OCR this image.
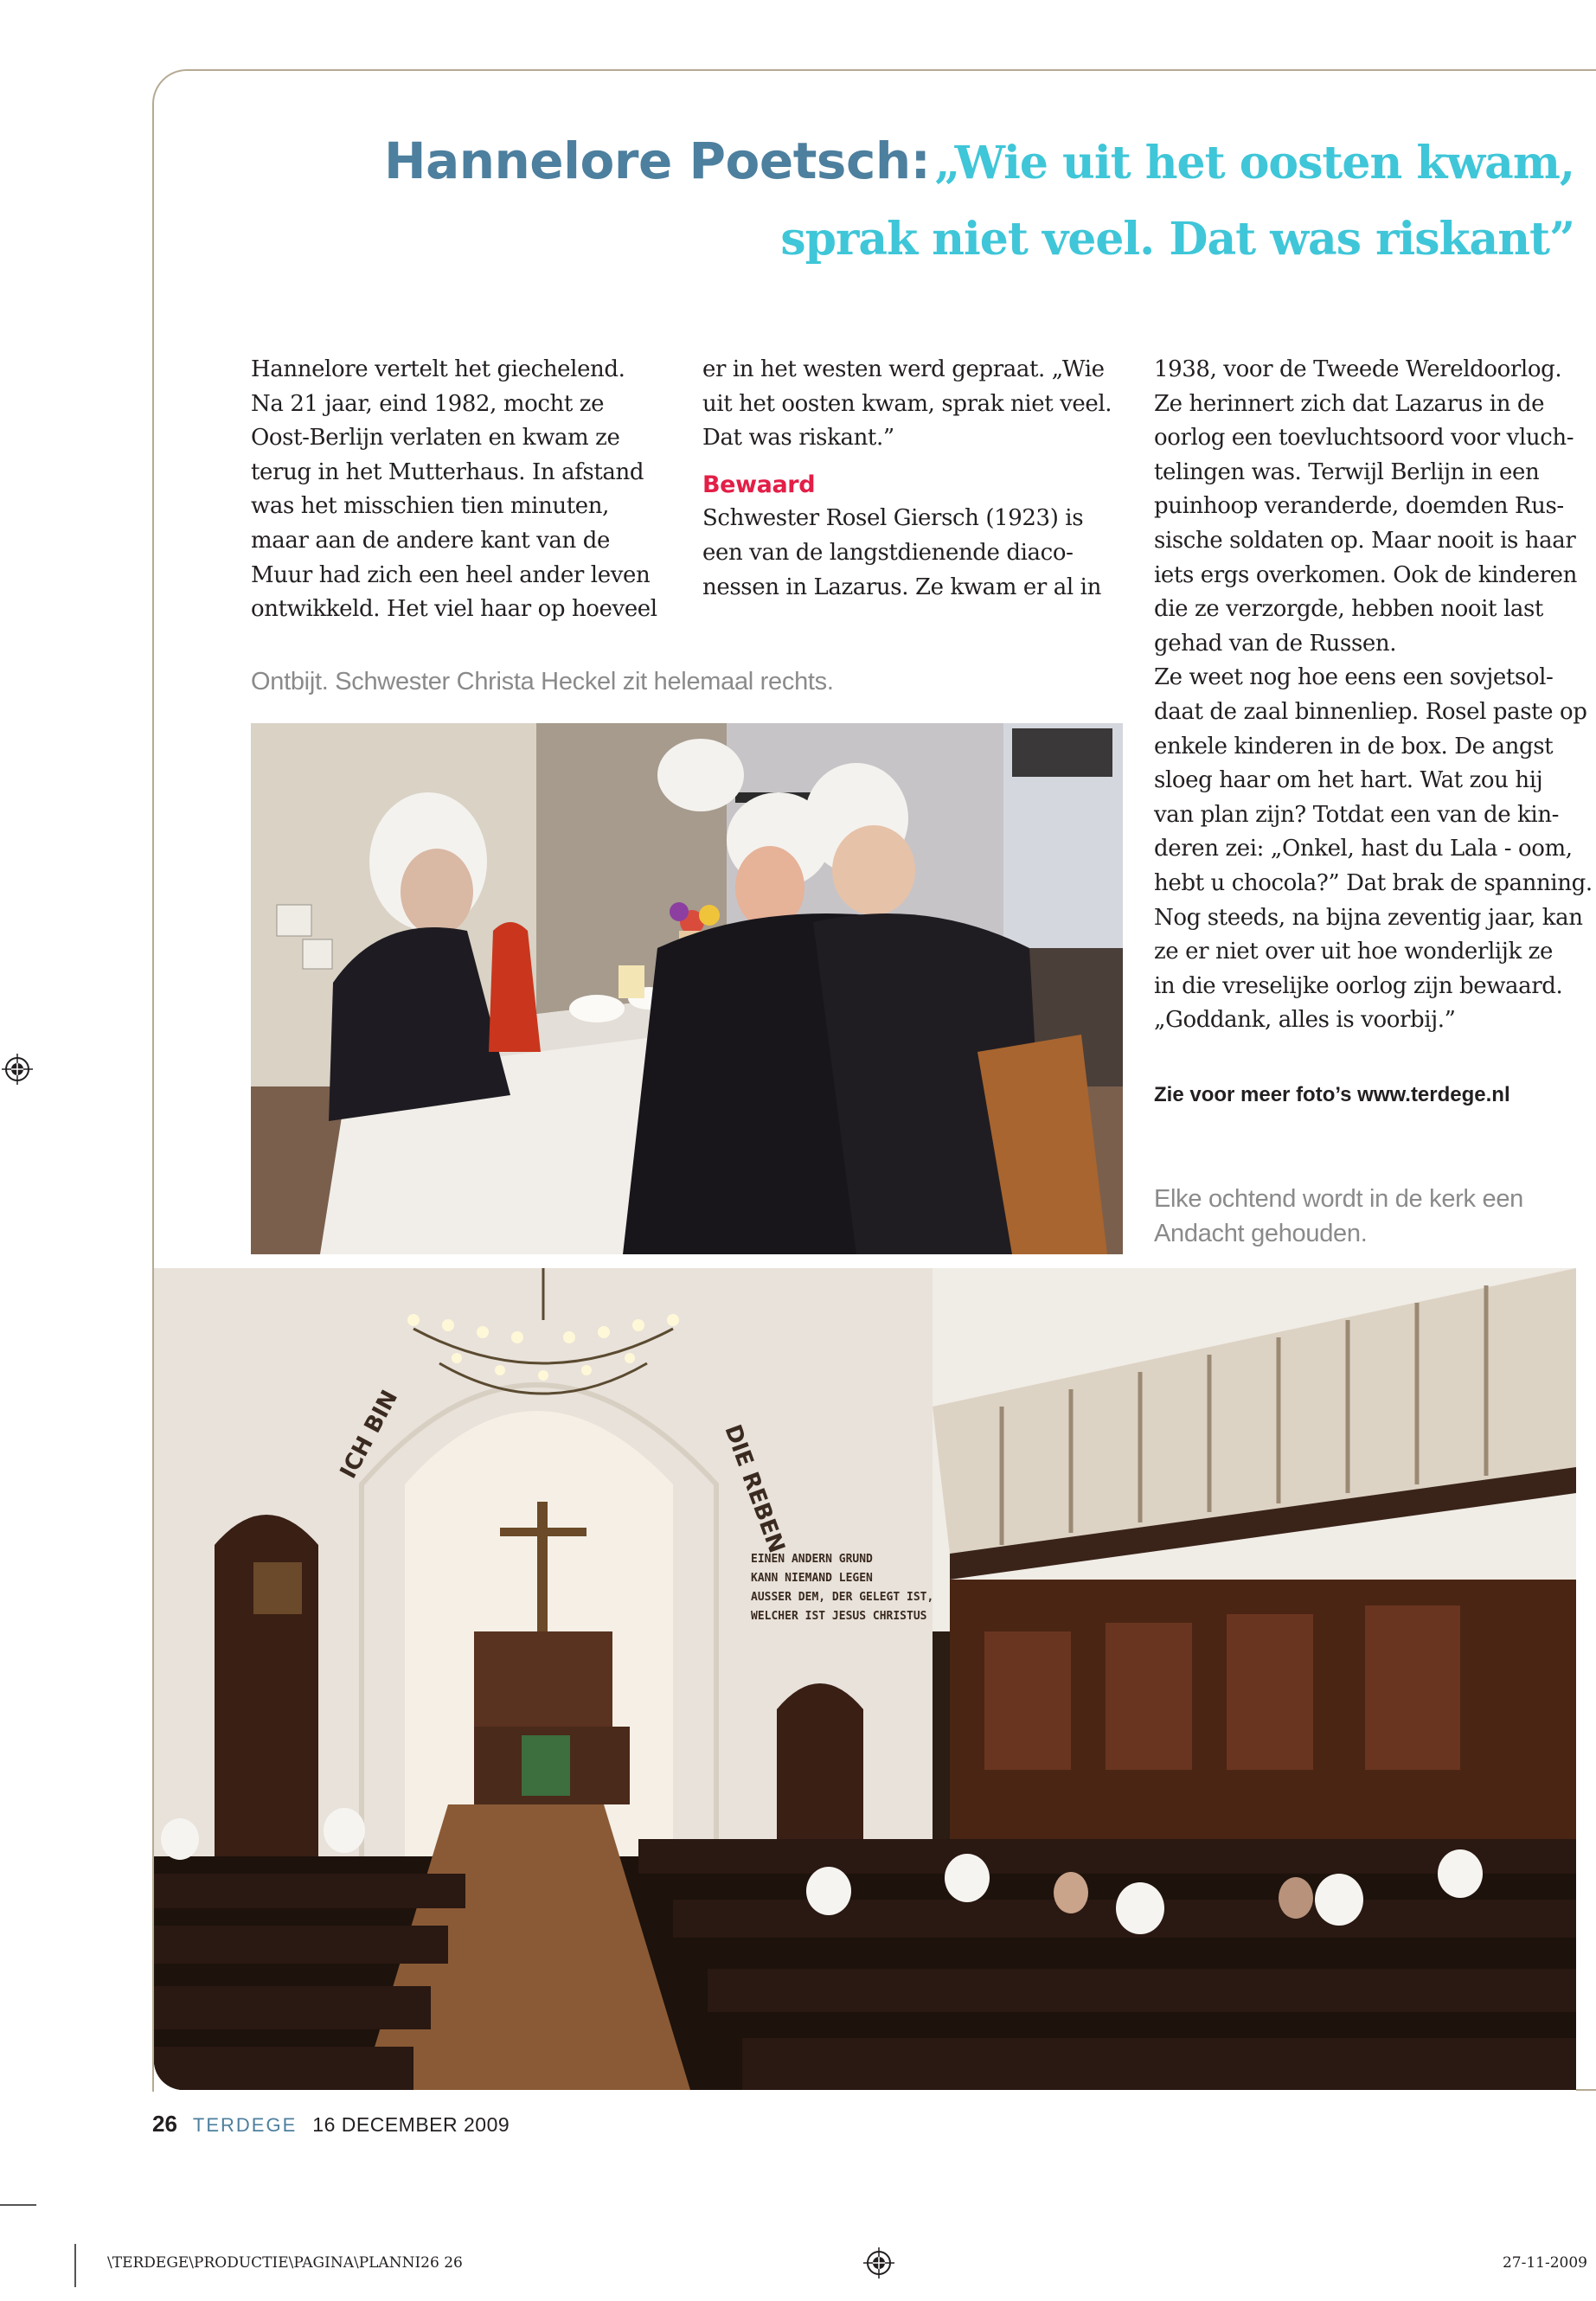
Hannelore Poetsch: „Wie uit het oosten kwam,
sprak niet veel. Dat was riskant”
Hannelore vertelt het giechelend.
Na 21 jaar, eind 1982, mocht ze
Oost-Berlijn verlaten en kwam ze
terug in het Mutterhaus. In afstand
was het misschien tien minuten,
maar aan de andere kant van de
Muur had zich een heel ander leven
ontwikkeld. Het viel haar op hoeveel
er in het westen werd gepraat. „Wie
uit het oosten kwam, sprak niet veel.
Dat was riskant.”
Bewaard
Schwester Rosel Giersch (1923) is
een van de langstdienende diaco-
nessen in Lazarus. Ze kwam er al in
1938, voor de Tweede Wereldoorlog.
Ze herinnert zich dat Lazarus in de
oorlog een toevluchtsoord voor vluch-
telingen was. Terwijl Berlijn in een
puinhoop veranderde, doemden Rus-
sische soldaten op. Maar nooit is haar
iets ergs overkomen. Ook de kinderen
die ze verzorgde, hebben nooit last
gehad van de Russen.
Ze weet nog hoe eens een sovjetsol-
daat de zaal binnenliep. Rosel paste op
enkele kinderen in de box. De angst
sloeg haar om het hart. Wat zou hij
van plan zijn? Totdat een van de kin-
deren zei: „Onkel, hast du Lala - oom,
hebt u chocola?” Dat brak de spanning.
Nog steeds, na bijna zeventig jaar, kan
ze er niet over uit hoe wonderlijk ze
in die vreselijke oorlog zijn bewaard.
„Goddank, alles is voorbij.”
Zie voor meer foto’s www.terdege.nl
Ontbijt. Schwester Christa Heckel zit helemaal rechts.
Elke ochtend wordt in de kerk een
Andacht gehouden.
ICH BIN	DIE REBEN
EINEN ANDERN GRUND
KANN NIEMAND LEGEN
AUSSER DEM, DER GELEGT IST,
WELCHER IST JESUS CHRISTUS
26 TERDEGE 16 DECEMBER 2009
\TERDEGE\PRODUCTIE\PAGINA\PLANNI26 26	27-11-2009
